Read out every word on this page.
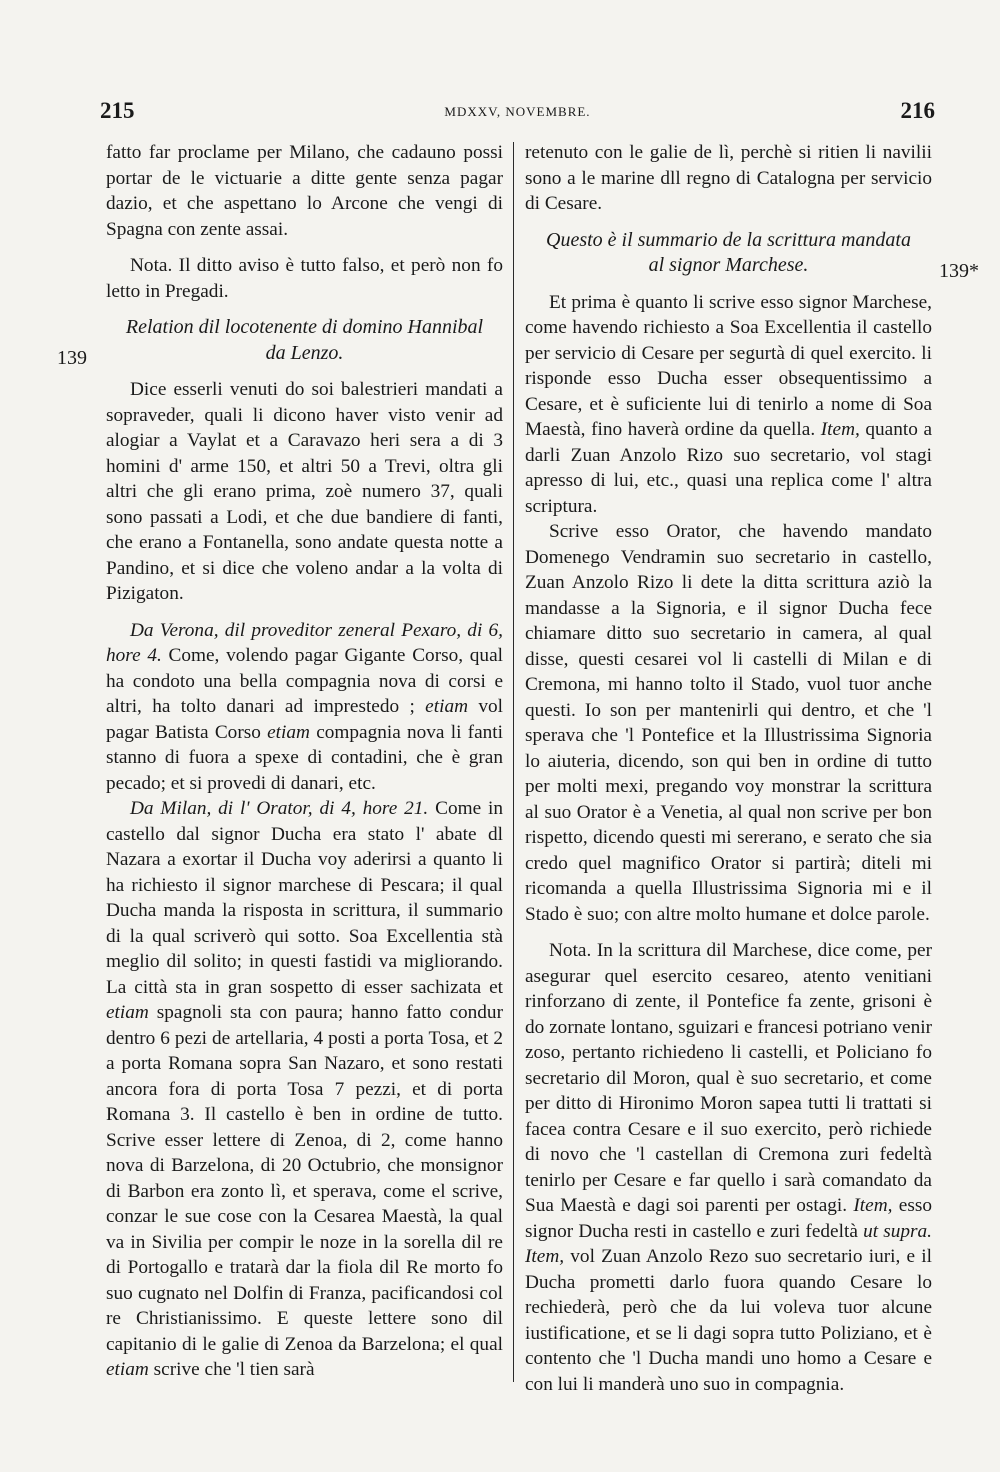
215	MDXXV, NOVEMBRE.	216
139
139*

fatto far proclame per Milano, che cadauno possi portar de le victuarie a ditte gente senza pagar dazio, et che aspettano lo Arcone che vengi di Spagna con zente assai.

Nota. Il ditto aviso è tutto falso, et però non fo letto in Pregadi.

Relation dil locotenente di domino Hannibal
da Lenzo.

Dice esserli venuti do soi balestrieri mandati a sopraveder, quali li dicono haver visto venir ad alogiar a Vaylat et a Caravazo heri sera a di 3 homini d' arme 150, et altri 50 a Trevi, oltra gli altri che gli erano prima, zoè numero 37, quali sono passati a Lodi, et che due bandiere di fanti, che erano a Fontanella, sono andate questa notte a Pandino, et si dice che voleno andar a la volta di Pizigaton.

Da Verona, dil proveditor zeneral Pexaro, di 6, hore 4. Come, volendo pagar Gigante Corso, qual ha condoto una bella compagnia nova di corsi e altri, ha tolto danari ad imprestedo ; etiam vol pagar Batista Corso etiam compagnia nova li fanti stanno di fuora a spexe di contadini, che è gran pecado; et si provedi di danari, etc.

Da Milan, di l' Orator, di 4, hore 21. Come in castello dal signor Ducha era stato l' abate dl Nazara a exortar il Ducha voy aderirsi a quanto li ha richiesto il signor marchese di Pescara; il qual Ducha manda la risposta in scrittura, il summario di la qual scriverò qui sotto. Soa Excellentia stà meglio dil solito; in questi fastidi va migliorando. La città sta in gran sospetto di esser sachizata et etiam spagnoli sta con paura; hanno fatto condur dentro 6 pezi de artellaria, 4 posti a porta Tosa, et 2 a porta Romana sopra San Nazaro, et sono restati ancora fora di porta Tosa 7 pezzi, et di porta Romana 3. Il castello è ben in ordine de tutto. Scrive esser lettere di Zenoa, di 2, come hanno nova di Barzelona, di 20 Octubrio, che monsignor di Barbon era zonto lì, et sperava, come el scrive, conzar le sue cose con la Cesarea Maestà, la qual va in Sivilia per compir le noze in la sorella dil re di Portogallo e tratarà dar la fiola dil Re morto fo suo cugnato nel Dolfin di Franza, pacificandosi col re Christianissimo. E queste lettere sono dil capitanio di le galie di Zenoa da Barzelona; el qual etiam scrive che 'l tien sarà

retenuto con le galie de lì, perchè si ritien li navilii sono a le marine dll regno di Catalogna per servicio di Cesare.

Questo è il summario de la scrittura mandata
al signor Marchese.

Et prima è quanto li scrive esso signor Marchese, come havendo richiesto a Soa Excellentia il castello per servicio di Cesare per segurtà di quel exercito. li risponde esso Ducha esser obsequentissimo a Cesare, et è suficiente lui di tenirlo a nome di Soa Maestà, fino haverà ordine da quella. Item, quanto a darli Zuan Anzolo Rizo suo secretario, vol stagi apresso di lui, etc., quasi una replica come l' altra scriptura.

Scrive esso Orator, che havendo mandato Domenego Vendramin suo secretario in castello, Zuan Anzolo Rizo li dete la ditta scrittura aziò la mandasse a la Signoria, e il signor Ducha fece chiamare ditto suo secretario in camera, al qual disse, questi cesarei vol li castelli di Milan e di Cremona, mi hanno tolto il Stado, vuol tuor anche questi. Io son per mantenirli qui dentro, et che 'l sperava che 'l Pontefice et la Illustrissima Signoria lo aiuteria, dicendo, son qui ben in ordine di tutto per molti mexi, pregando voy monstrar la scrittura al suo Orator è a Venetia, al qual non scrive per bon rispetto, dicendo questi mi sererano, e serato che sia credo quel magnifico Orator si partirà; diteli mi ricomanda a quella Illustrissima Signoria mi e il Stado è suo; con altre molto humane et dolce parole.

Nota. In la scrittura dil Marchese, dice come, per asegurar quel esercito cesareo, atento venitiani rinforzano di zente, il Pontefice fa zente, grisoni è do zornate lontano, sguizari e francesi potriano venir zoso, pertanto richiedeno li castelli, et Policiano fo secretario dil Moron, qual è suo secretario, et come per ditto di Hironimo Moron sapea tutti li trattati si facea contra Cesare e il suo exercito, però richiede di novo che 'l castellan di Cremona zuri fedeltà tenirlo per Cesare e far quello i sarà comandato da Sua Maestà e dagi soi parenti per ostagi. Item, esso signor Ducha resti in castello e zuri fedeltà ut supra. Item, vol Zuan Anzolo Rezo suo secretario iuri, e il Ducha prometti darlo fuora quando Cesare lo rechiederà, però che da lui voleva tuor alcune iustificatione, et se li dagi sopra tutto Poliziano, et è contento che 'l Ducha mandi uno homo a Cesare e con lui li manderà uno suo in compagnia.
